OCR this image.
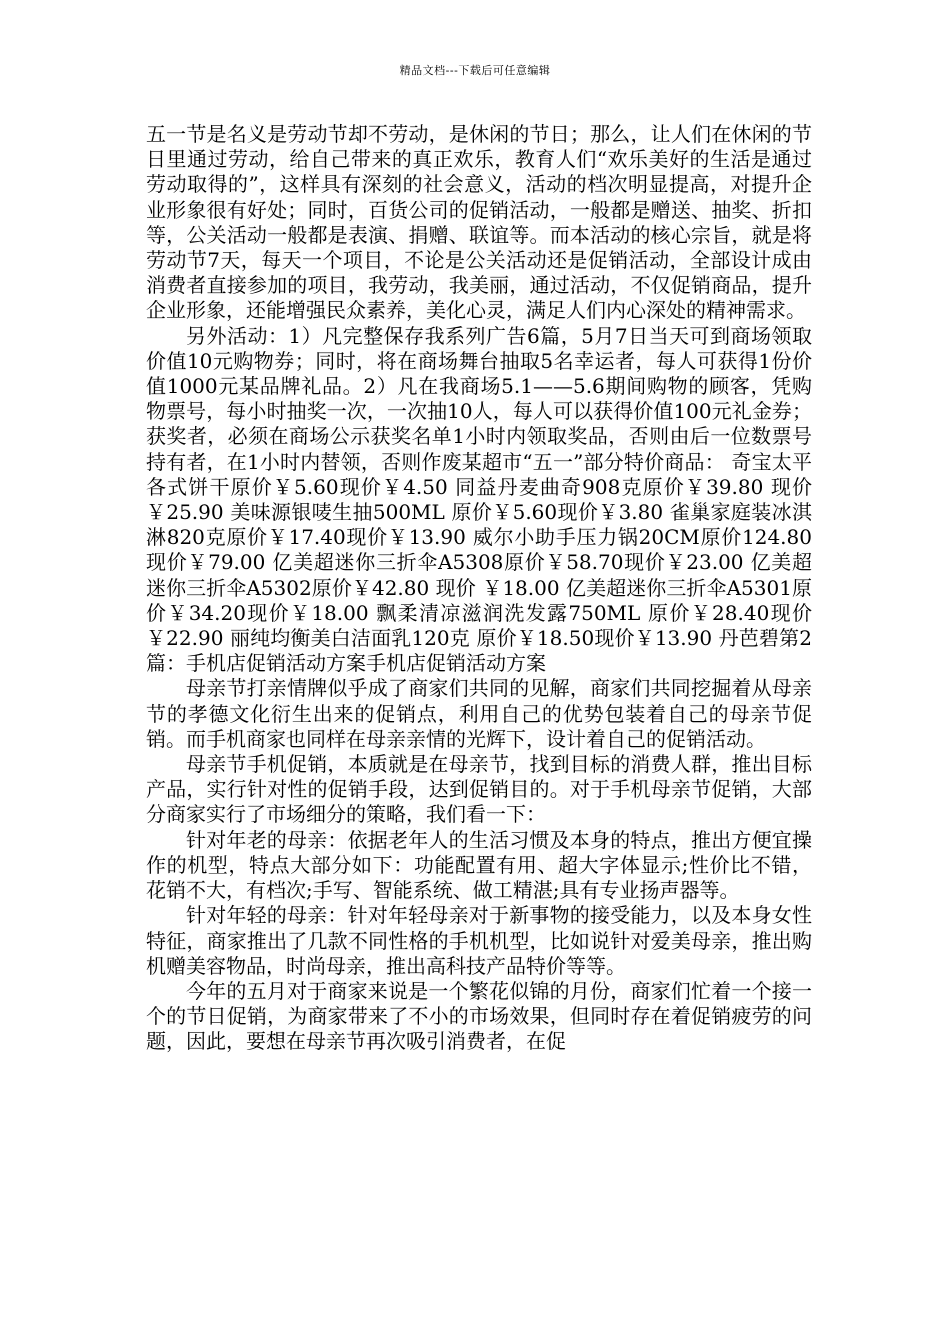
精品文档---下载后可任意编辑

五一节是名义是劳动节却不劳动，是休闲的节日；那么，让人们在休闲的节日里通过劳动，给自己带来的真正欢乐，教育人们“欢乐美好的生活是通过劳动取得的”，这样具有深刻的社会意义，活动的档次明显提高，对提升企业形象很有好处；同时，百货公司的促销活动，一般都是赠送、抽奖、折扣等，公关活动一般都是表演、捐赠、联谊等。而本活动的核心宗旨，就是将劳动节7天，每天一个项目，不论是公关活动还是促销活动，全部设计成由消费者直接参加的项目，我劳动，我美丽，通过活动，不仅促销商品，提升企业形象，还能增强民众素养，美化心灵，满足人们内心深处的精神需求。

另外活动：1）凡完整保存我系列广告6篇，5月7日当天可到商场领取价值10元购物券；同时，将在商场舞台抽取5名幸运者，每人可获得1份价值1000元某品牌礼品。2）凡在我商场5.1——5.6期间购物的顾客，凭购物票号，每小时抽奖一次，一次抽10人，每人可以获得价值100元礼金券；获奖者，必须在商场公示获奖名单1小时内领取奖品，否则由后一位数票号持有者，在1小时内替领，否则作废某超市“五一”部分特价商品： 奇宝太平各式饼干原价￥5.60现价￥4.50 同益丹麦曲奇908克原价￥39.80 现价￥25.90 美味源银唛生抽500ML 原价￥5.60现价￥3.80 雀巢家庭装冰淇淋820克原价￥17.40现价￥13.90 威尔小助手压力锅20CM原价124.80 现价￥79.00 亿美超迷你三折伞A5308原价￥58.70现价￥23.00 亿美超迷你三折伞A5302原价￥42.80 现价 ￥18.00 亿美超迷你三折伞A5301原价￥34.20现价￥18.00 飘柔清凉滋润洗发露750ML 原价￥28.40现价￥22.90 丽纯均衡美白洁面乳120克 原价￥18.50现价￥13.90 丹芭碧第2篇：手机店促销活动方案手机店促销活动方案

母亲节打亲情牌似乎成了商家们共同的见解，商家们共同挖掘着从母亲节的孝德文化衍生出来的促销点，利用自己的优势包装着自己的母亲节促销。而手机商家也同样在母亲亲情的光辉下，设计着自己的促销活动。

母亲节手机促销，本质就是在母亲节，找到目标的消费人群，推出目标产品，实行针对性的促销手段，达到促销目的。对于手机母亲节促销，大部分商家实行了市场细分的策略，我们看一下：

针对年老的母亲：依据老年人的生活习惯及本身的特点，推出方便宜操作的机型，特点大部分如下：功能配置有用、超大字体显示;性价比不错，花销不大，有档次;手写、智能系统、做工精湛;具有专业扬声器等。

针对年轻的母亲：针对年轻母亲对于新事物的接受能力，以及本身女性特征，商家推出了几款不同性格的手机机型，比如说针对爱美母亲，推出购机赠美容物品，时尚母亲，推出高科技产品特价等等。

今年的五月对于商家来说是一个繁花似锦的月份，商家们忙着一个接一个的节日促销，为商家带来了不小的市场效果，但同时存在着促销疲劳的问题，因此，要想在母亲节再次吸引消费者，在促
